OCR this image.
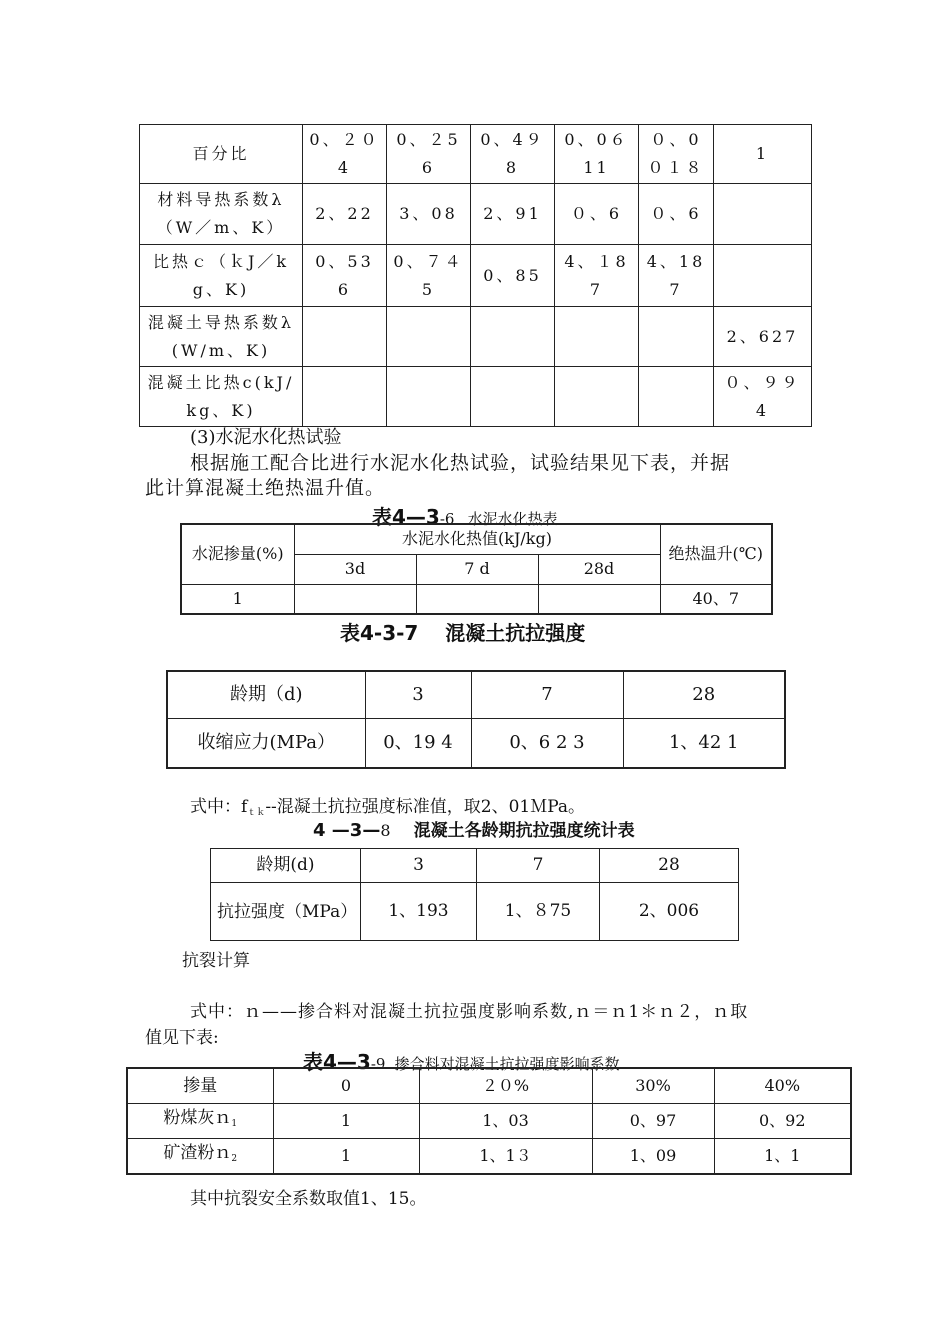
百分比	0、２０4	0、２56	0、4９8	0、0６11	０、0０１８	1
材料导热系数λ（W／m、K）	2、22	3、08	2、91	０、6	０、6	
比热ｃ（ｋJ／kg、K)	0、536	0、７４5	0、85	4、１87	4、187	
混凝土导热系数λ(W/m、K)						2、627
混凝土比热c(kJ/kg、K)						０、９９4
(3)水泥水化热试验
根据施工配合比进行水泥水化热试验，试验结果见下表，并据
此计算混凝土绝热温升值。
表4—3-6 水泥水化热表
水泥掺量(%)	水泥水化热值(kJ/kg)			绝热温升(℃)
	3d	7 d	28d	
1				40、7
表4-3-7　 混凝土抗拉强度
龄期（d)	3	7	28
收缩应力(MPa）	0、19 4	0、6 2 3	1、42 1
式中：$f_{tk}--$混凝土抗拉强度标准值，取2、01ＭPa。
4 —3—8 混凝土各龄期抗拉强度统计表
龄期(d)	3	7	28
抗拉强度（MPa）	1、193	1、８75	2、006
抗裂计算
式中：ｎ——掺合料对混凝土抗拉强度影响系数,ｎ＝ｎ1＊ｎ２，ｎ取
值见下表:
表4—3-9 掺合料对混凝土抗拉强度影响系数
掺量	0	２０%	30%	40%
粉煤灰ｎ$_1$	1	1、03	0、97	0、92
矿渣粉ｎ$_2$	1	1、1３	1、09	1、1
其中抗裂安全系数取值1、15。
